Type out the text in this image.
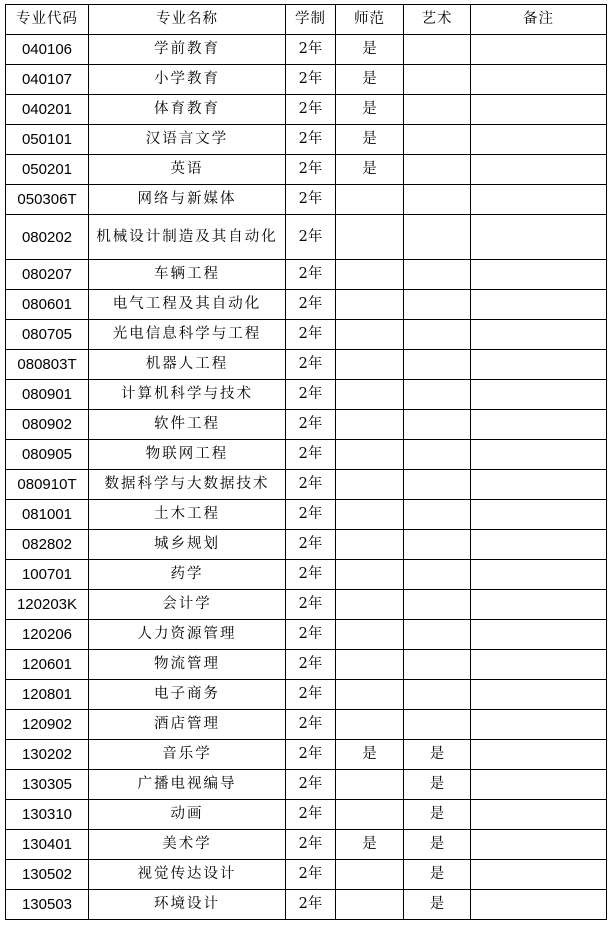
专业代码	专业名称	学制	师范	艺术	备注
040106	学前教育	2年	是		
040107	小学教育	2年	是		
040201	体育教育	2年	是		
050101	汉语言文学	2年	是		
050201	英语	2年	是		
050306T	网络与新媒体	2年			
080202	机械设计制造及其自动化	2年			
080207	车辆工程	2年			
080601	电气工程及其自动化	2年			
080705	光电信息科学与工程	2年			
080803T	机器人工程	2年			
080901	计算机科学与技术	2年			
080902	软件工程	2年			
080905	物联网工程	2年			
080910T	数据科学与大数据技术	2年			
081001	土木工程	2年			
082802	城乡规划	2年			
100701	药学	2年			
120203K	会计学	2年			
120206	人力资源管理	2年			
120601	物流管理	2年			
120801	电子商务	2年			
120902	酒店管理	2年			
130202	音乐学	2年	是	是	
130305	广播电视编导	2年		是	
130310	动画	2年		是	
130401	美术学	2年	是	是	
130502	视觉传达设计	2年		是	
130503	环境设计	2年		是	
